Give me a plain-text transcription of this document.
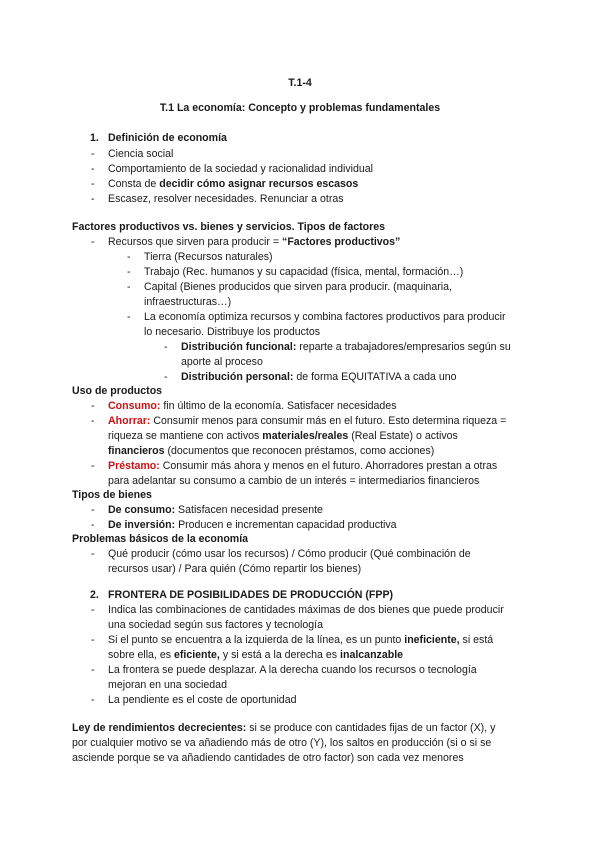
T.1-4
T.1 La economía: Concepto y problemas fundamentales
1. Definición de economía
- Ciencia social
- Comportamiento de la sociedad y racionalidad individual
- Consta de decidir cómo asignar recursos escasos
- Escasez, resolver necesidades. Renunciar a otras
Factores productivos vs. bienes y servicios. Tipos de factores
- Recursos que sirven para producir = “Factores productivos”
- Tierra (Recursos naturales)
- Trabajo (Rec. humanos y su capacidad (física, mental, formación…)
- Capital (Bienes producidos que sirven para producir. (maquinaria,
infraestructuras…)
- La economía optimiza recursos y combina factores productivos para producir
lo necesario. Distribuye los productos
- Distribución funcional: reparte a trabajadores/empresarios según su
aporte al proceso
- Distribución personal: de forma EQUITATIVA a cada uno
Uso de productos
- Consumo: fin último de la economía. Satisfacer necesidades
- Ahorrar: Consumir menos para consumir más en el futuro. Esto determina riqueza =
riqueza se mantiene con activos materiales/reales (Real Estate) o activos
financieros (documentos que reconocen préstamos, como acciones)
- Préstamo: Consumir más ahora y menos en el futuro. Ahorradores prestan a otras
para adelantar su consumo a cambio de un interés = intermediarios financieros
Tipos de bienes
- De consumo: Satisfacen necesidad presente
- De inversión: Producen e incrementan capacidad productiva
Problemas básicos de la economía
- Qué producir (cómo usar los recursos) / Cómo producir (Qué combinación de
recursos usar) / Para quién (Cómo repartir los bienes)
2. FRONTERA DE POSIBILIDADES DE PRODUCCIÓN (FPP)
- Indica las combinaciones de cantidades máximas de dos bienes que puede producir
una sociedad según sus factores y tecnología
- Si el punto se encuentra a la izquierda de la línea, es un punto ineficiente, si está
sobre ella, es eficiente, y si está a la derecha es inalcanzable
- La frontera se puede desplazar. A la derecha cuando los recursos o tecnología
mejoran en una sociedad
- La pendiente es el coste de oportunidad
Ley de rendimientos decrecientes: si se produce con cantidades fijas de un factor (X), y
por cualquier motivo se va añadiendo más de otro (Y), los saltos en producción (si o si se
asciende porque se va añadiendo cantidades de otro factor) son cada vez menores
